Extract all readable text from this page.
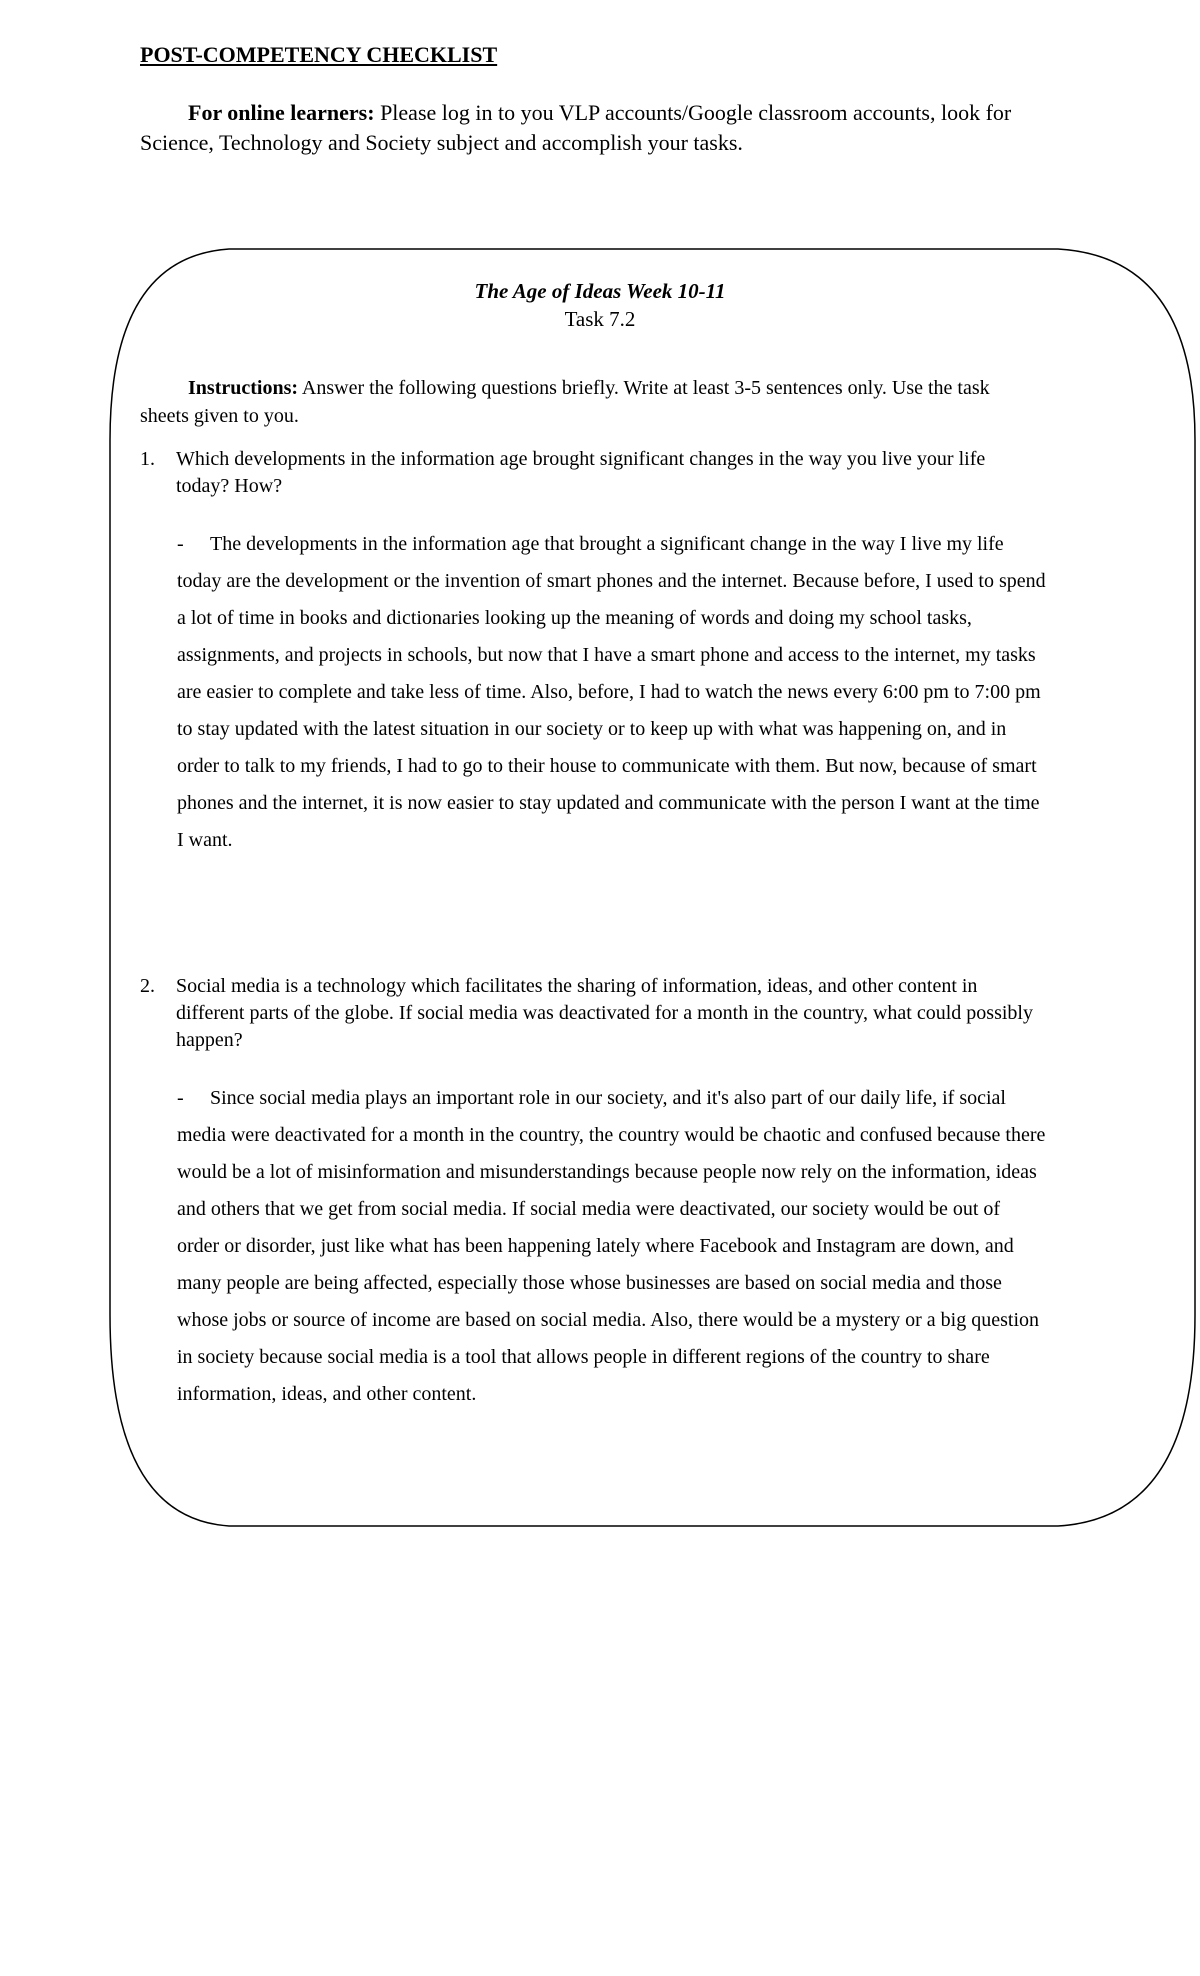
POST-COMPETENCY CHECKLIST

For online learners: Please log in to you VLP accounts/Google classroom accounts, look for Science, Technology and Society subject and accomplish your tasks.

The Age of Ideas Week 10-11
Task 7.2

Instructions: Answer the following questions briefly. Write at least 3-5 sentences only. Use the task sheets given to you.

1. Which developments in the information age brought significant changes in the way you live your life today? How?

- The developments in the information age that brought a significant change in the way I live my life today are the development or the invention of smart phones and the internet. Because before, I used to spend a lot of time in books and dictionaries looking up the meaning of words and doing my school tasks, assignments, and projects in schools, but now that I have a smart phone and access to the internet, my tasks are easier to complete and take less of time. Also, before, I had to watch the news every 6:00 pm to 7:00 pm to stay updated with the latest situation in our society or to keep up with what was happening on, and in order to talk to my friends, I had to go to their house to communicate with them. But now, because of smart phones and the internet, it is now easier to stay updated and communicate with the person I want at the time I want.

2. Social media is a technology which facilitates the sharing of information, ideas, and other content in different parts of the globe. If social media was deactivated for a month in the country, what could possibly happen?

- Since social media plays an important role in our society, and it's also part of our daily life, if social media were deactivated for a month in the country, the country would be chaotic and confused because there would be a lot of misinformation and misunderstandings because people now rely on the information, ideas and others that we get from social media. If social media were deactivated, our society would be out of order or disorder, just like what has been happening lately where Facebook and Instagram are down, and many people are being affected, especially those whose businesses are based on social media and those whose jobs or source of income are based on social media. Also, there would be a mystery or a big question in society because social media is a tool that allows people in different regions of the country to share information, ideas, and other content.
